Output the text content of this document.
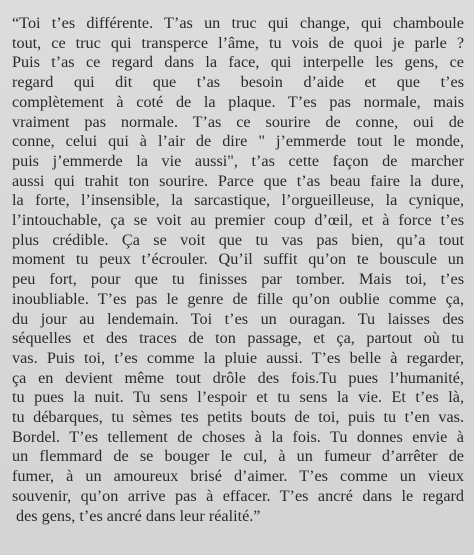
“Toi t’es différente. T’as un truc qui change, qui chamboule
tout, ce truc qui transperce l’âme, tu vois de quoi je parle ?
Puis t’as ce regard dans la face, qui interpelle les gens, ce
regard qui dit que t’as besoin d’aide et que t’es
complètement à coté de la plaque. T’es pas normale, mais
vraiment pas normale. T’as ce sourire de conne, oui de
conne, celui qui à l’air de dire " j’emmerde tout le monde,
puis j’emmerde la vie aussi", t’as cette façon de marcher
aussi qui trahit ton sourire. Parce que t’as beau faire la dure,
la forte, l’insensible, la sarcastique, l’orgueilleuse, la cynique,
l’intouchable, ça se voit au premier coup d’œil, et à force t’es
plus crédible. Ça se voit que tu vas pas bien, qu’a tout
moment tu peux t’écrouler. Qu’il suffit qu’on te bouscule un
peu fort, pour que tu finisses par tomber. Mais toi, t’es
inoubliable. T’es pas le genre de fille qu’on oublie comme ça,
du jour au lendemain. Toi t’es un ouragan. Tu laisses des
séquelles et des traces de ton passage, et ça, partout où tu
vas. Puis toi, t’es comme la pluie aussi. T’es belle à regarder,
ça en devient même tout drôle des fois.Tu pues l’humanité,
tu pues la nuit. Tu sens l’espoir et tu sens la vie. Et t’es là,
tu débarques, tu sèmes tes petits bouts de toi, puis tu t’en vas.
Bordel. T’es tellement de choses à la fois. Tu donnes envie à
un flemmard de se bouger le cul, à un fumeur d’arrêter de
fumer, à un amoureux brisé d’aimer. T’es comme un vieux
souvenir, qu’on arrive pas à effacer. T’es ancré dans le regard
des gens, t’es ancré dans leur réalité.”
